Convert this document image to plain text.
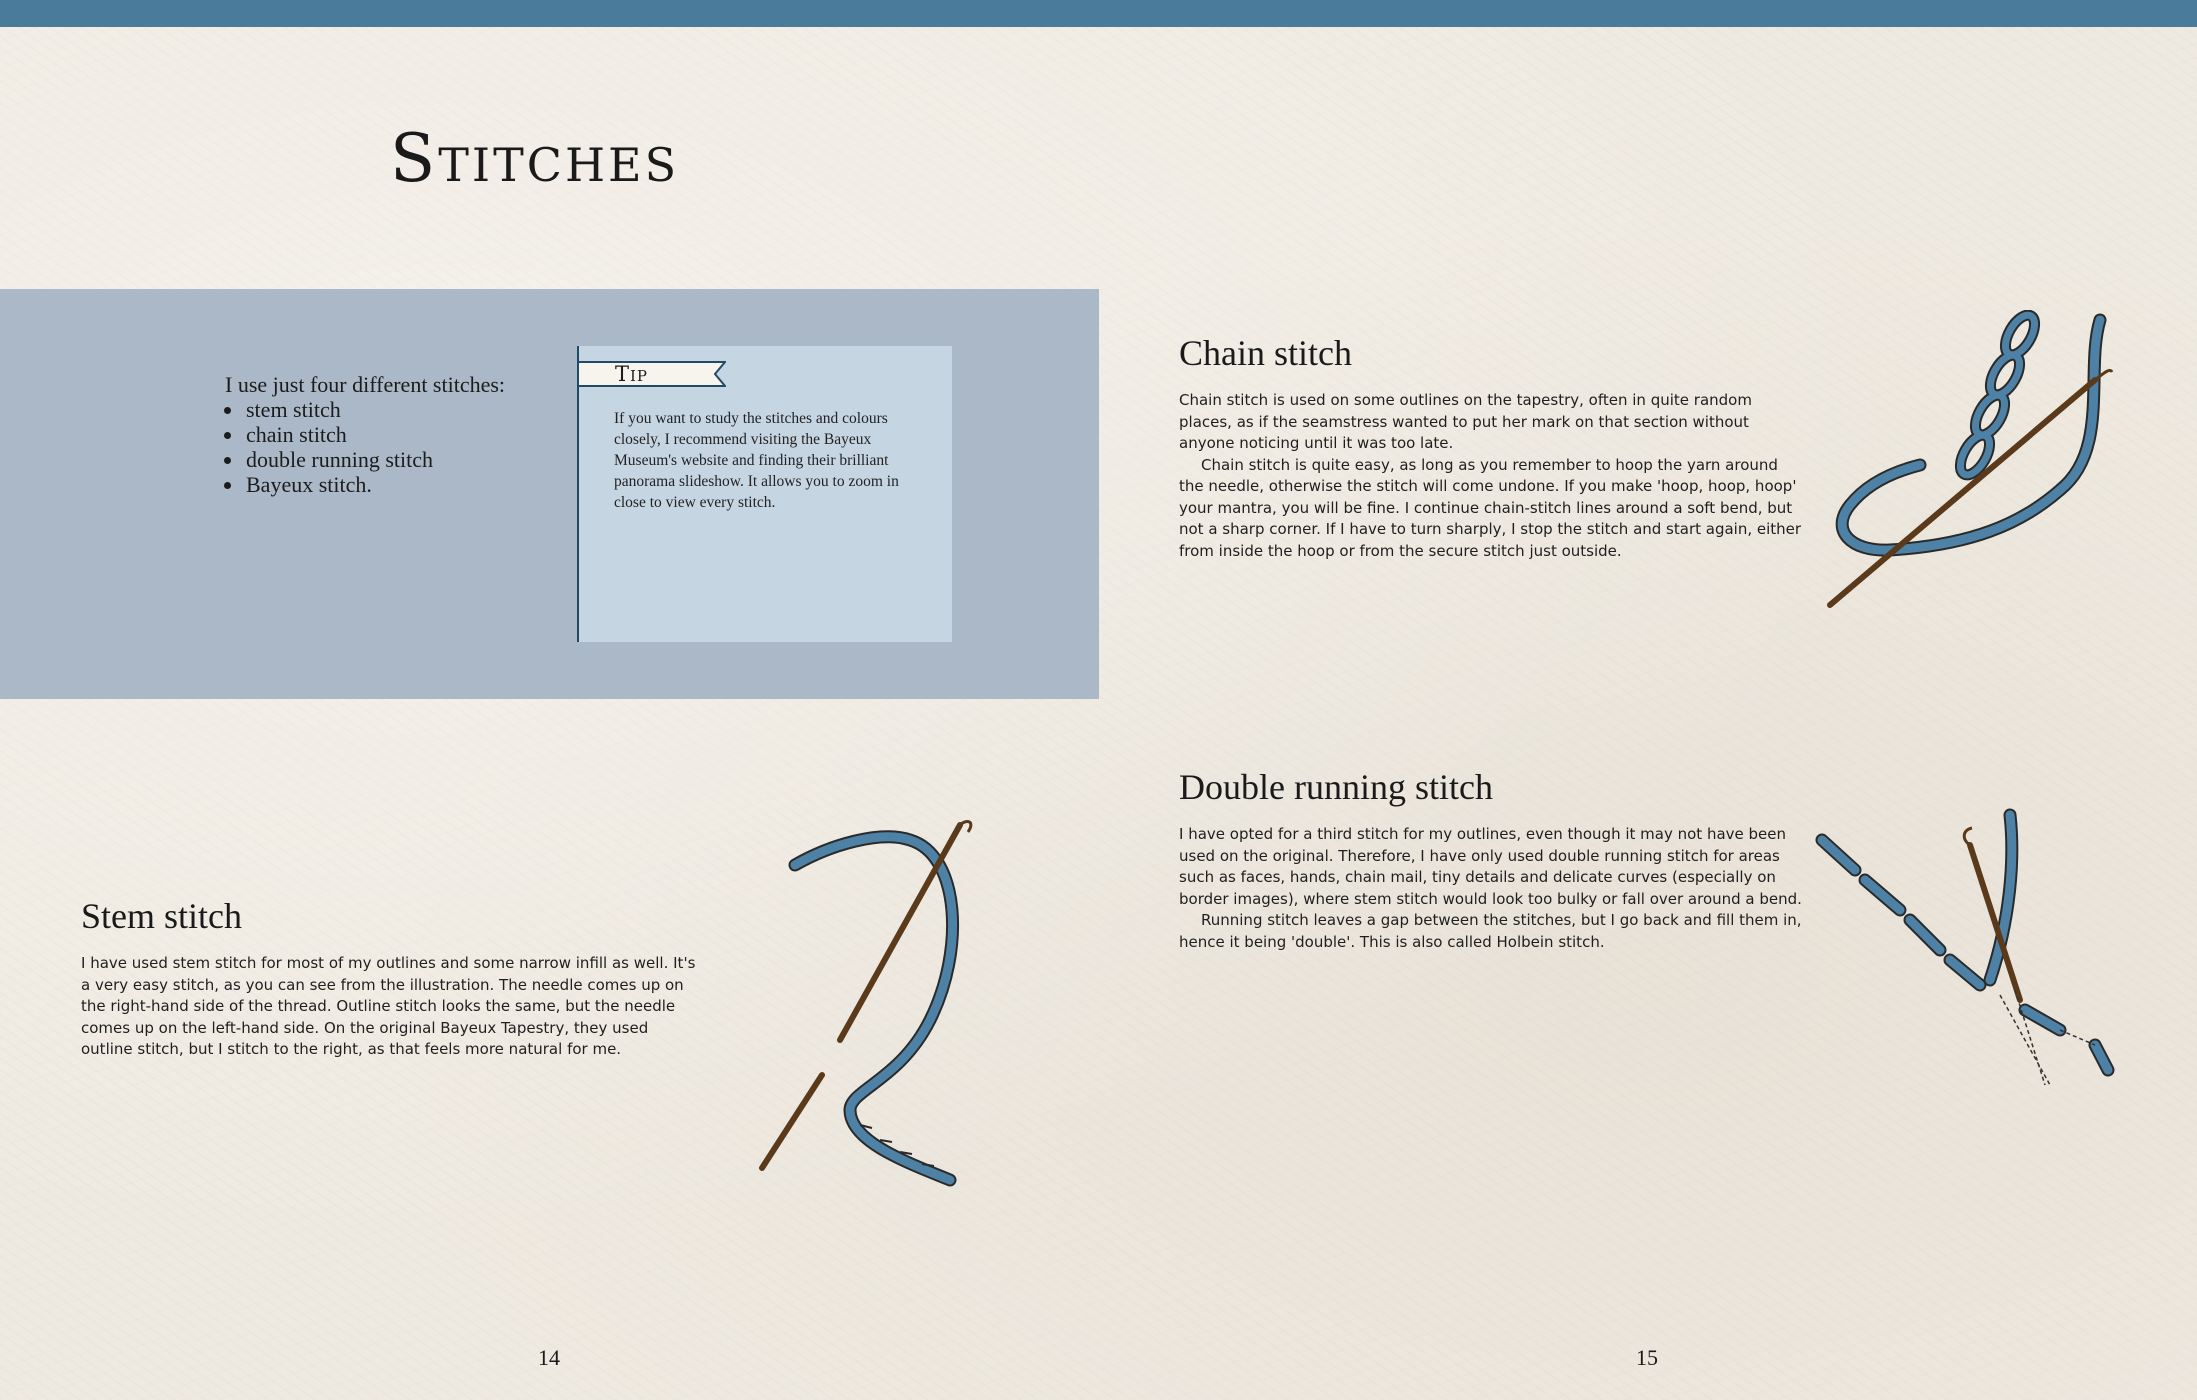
Stitches

I use just four different stitches:

• stem stitch
• chain stitch
• double running stitch
• Bayeux stitch.
Tip

If you want to study the stitches and colours closely, I recommend visiting the Bayeux Museum's website and finding their brilliant panorama slideshow. It allows you to zoom in close to view every stitch.

Chain stitch

Chain stitch is used on some outlines on the tapestry, often in quite random places, as if the seamstress wanted to put her mark on that section without anyone noticing until it was too late.
Chain stitch is quite easy, as long as you remember to hoop the yarn around the needle, otherwise the stitch will come undone. If you make 'hoop, hoop, hoop' your mantra, you will be fine. I continue chain-stitch lines around a soft bend, but not a sharp corner. If I have to turn sharply, I stop the stitch and start again, either from inside the hoop or from the secure stitch just outside.

Double running stitch

I have opted for a third stitch for my outlines, even though it may not have been used on the original. Therefore, I have only used double running stitch for areas such as faces, hands, chain mail, tiny details and delicate curves (especially on border images), where stem stitch would look too bulky or fall over around a bend.
Running stitch leaves a gap between the stitches, but I go back and fill them in, hence it being 'double'. This is also called Holbein stitch.

Stem stitch

I have used stem stitch for most of my outlines and some narrow infill as well. It's a very easy stitch, as you can see from the illustration. The needle comes up on the right-hand side of the thread. Outline stitch looks the same, but the needle comes up on the left-hand side. On the original Bayeux Tapestry, they used outline stitch, but I stitch to the right, as that feels more natural for me.

14	15
